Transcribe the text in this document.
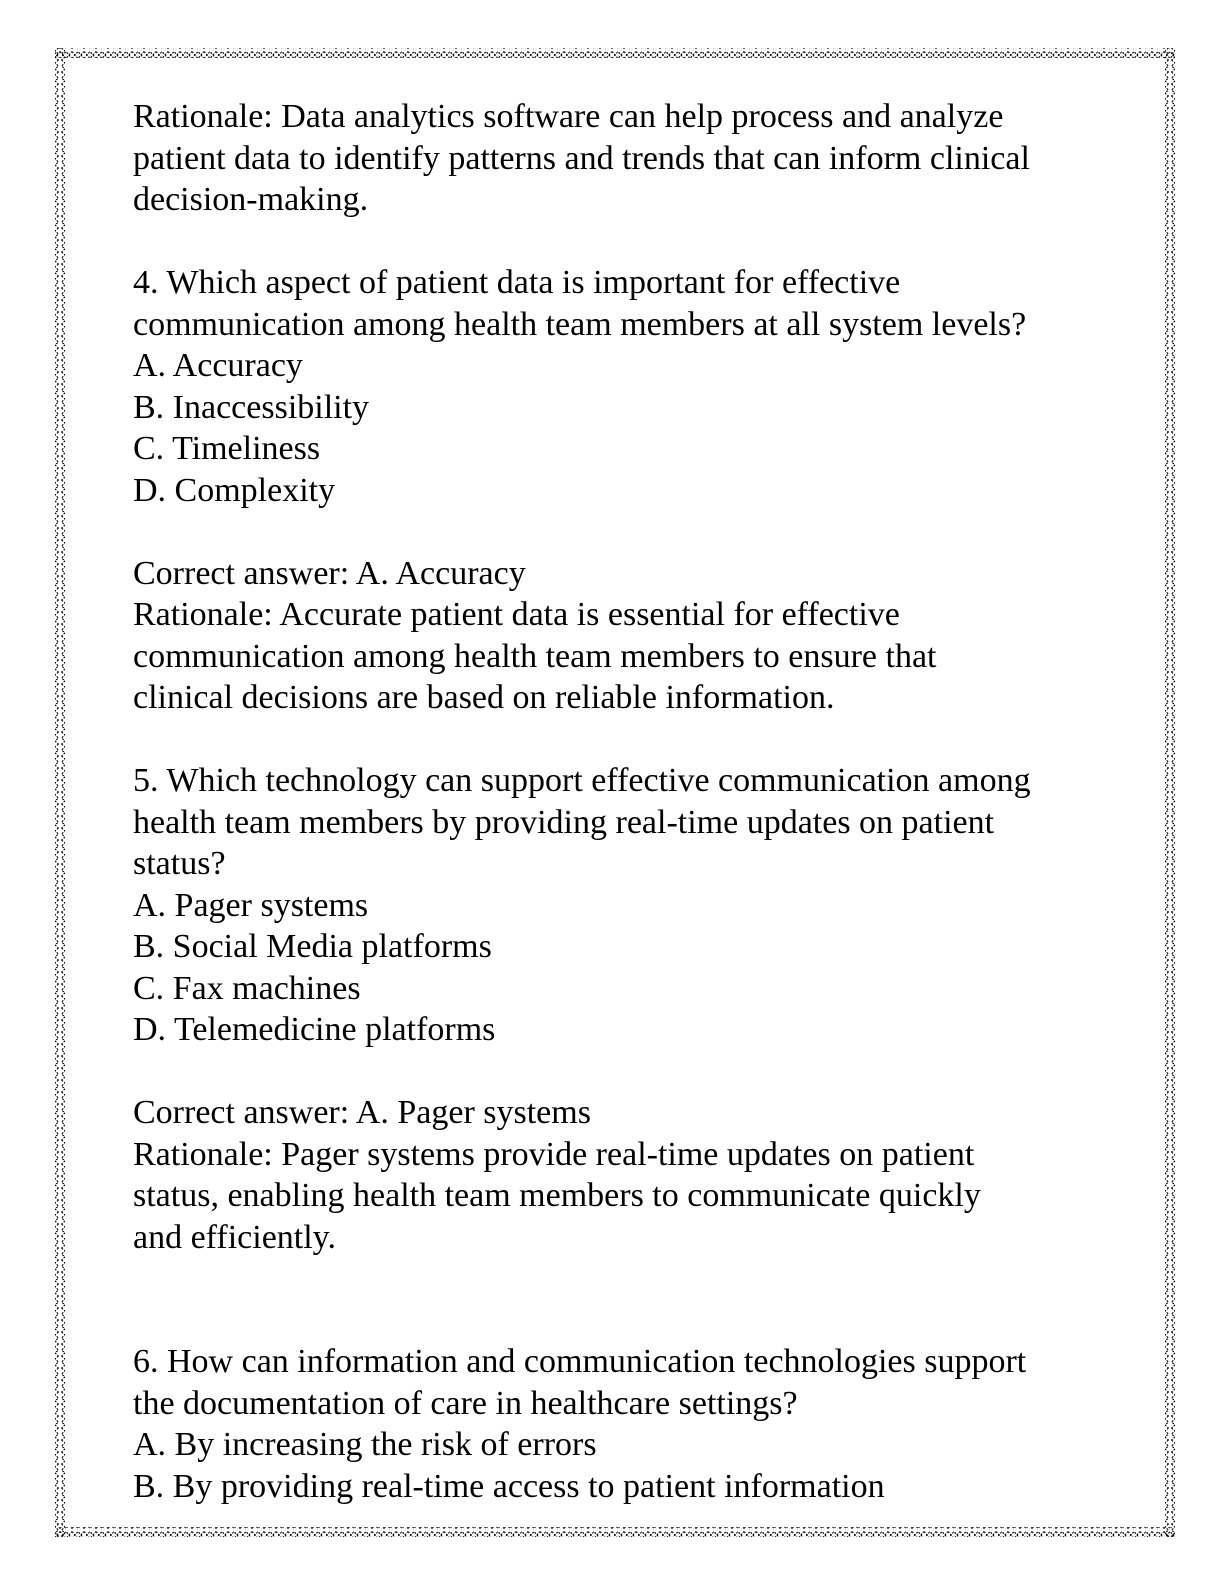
Rationale: Data analytics software can help process and analyze
patient data to identify patterns and trends that can inform clinical
decision-making.

4. Which aspect of patient data is important for effective
communication among health team members at all system levels?
A. Accuracy
B. Inaccessibility
C. Timeliness
D. Complexity

Correct answer: A. Accuracy
Rationale: Accurate patient data is essential for effective
communication among health team members to ensure that
clinical decisions are based on reliable information.

5. Which technology can support effective communication among
health team members by providing real-time updates on patient
status?
A. Pager systems
B. Social Media platforms
C. Fax machines
D. Telemedicine platforms

Correct answer: A. Pager systems
Rationale: Pager systems provide real-time updates on patient
status, enabling health team members to communicate quickly
and efficiently.

6. How can information and communication technologies support
the documentation of care in healthcare settings?
A. By increasing the risk of errors
B. By providing real-time access to patient information
